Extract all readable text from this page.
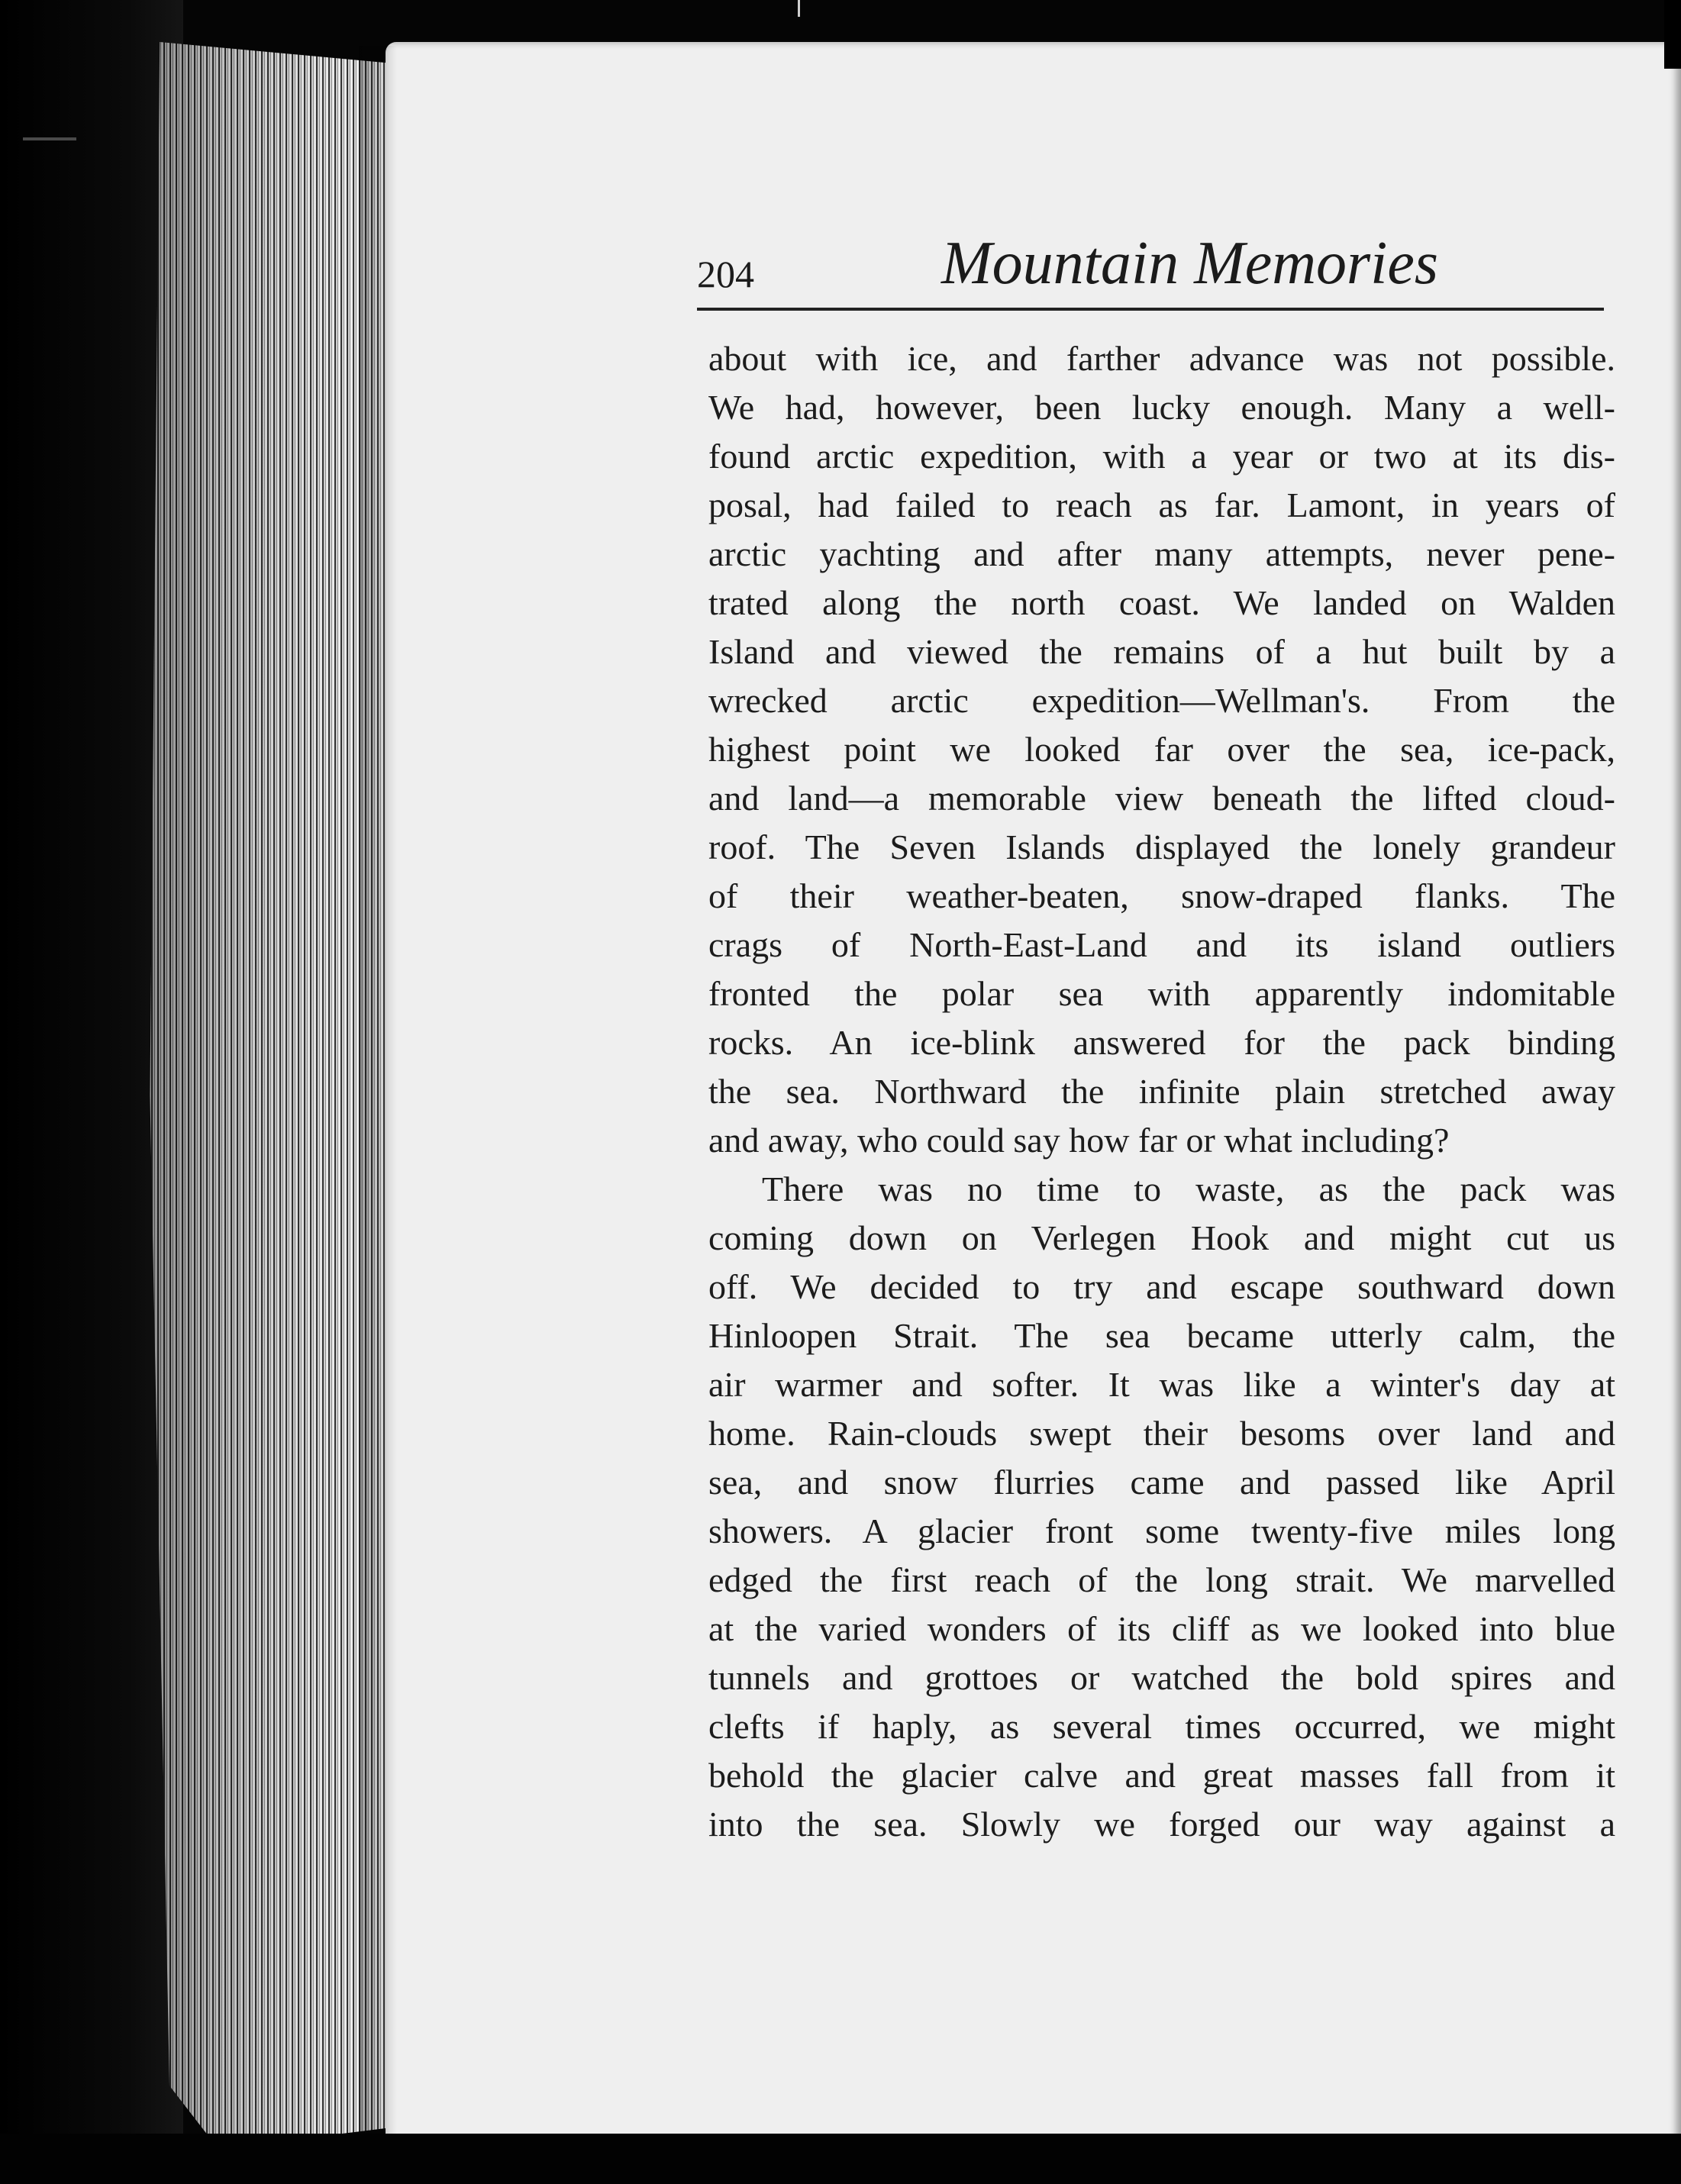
204	Mountain Memories
about with ice, and farther advance was not possible.
We had, however, been lucky enough. Many a well-
found arctic expedition, with a year or two at its dis-
posal, had failed to reach as far. Lamont, in years of
arctic yachting and after many attempts, never pene-
trated along the north coast. We landed on Walden
Island and viewed the remains of a hut built by a
wrecked arctic expedition—Wellman's. From the
highest point we looked far over the sea, ice-pack,
and land—a memorable view beneath the lifted cloud-
roof. The Seven Islands displayed the lonely grandeur
of their weather-beaten, snow-draped flanks. The
crags of North-East-Land and its island outliers
fronted the polar sea with apparently indomitable
rocks. An ice-blink answered for the pack binding
the sea. Northward the infinite plain stretched away
and away, who could say how far or what including?
There was no time to waste, as the pack was
coming down on Verlegen Hook and might cut us
off. We decided to try and escape southward down
Hinloopen Strait. The sea became utterly calm, the
air warmer and softer. It was like a winter's day at
home. Rain-clouds swept their besoms over land and
sea, and snow flurries came and passed like April
showers. A glacier front some twenty-five miles long
edged the first reach of the long strait. We marvelled
at the varied wonders of its cliff as we looked into blue
tunnels and grottoes or watched the bold spires and
clefts if haply, as several times occurred, we might
behold the glacier calve and great masses fall from it
into the sea. Slowly we forged our way against a
